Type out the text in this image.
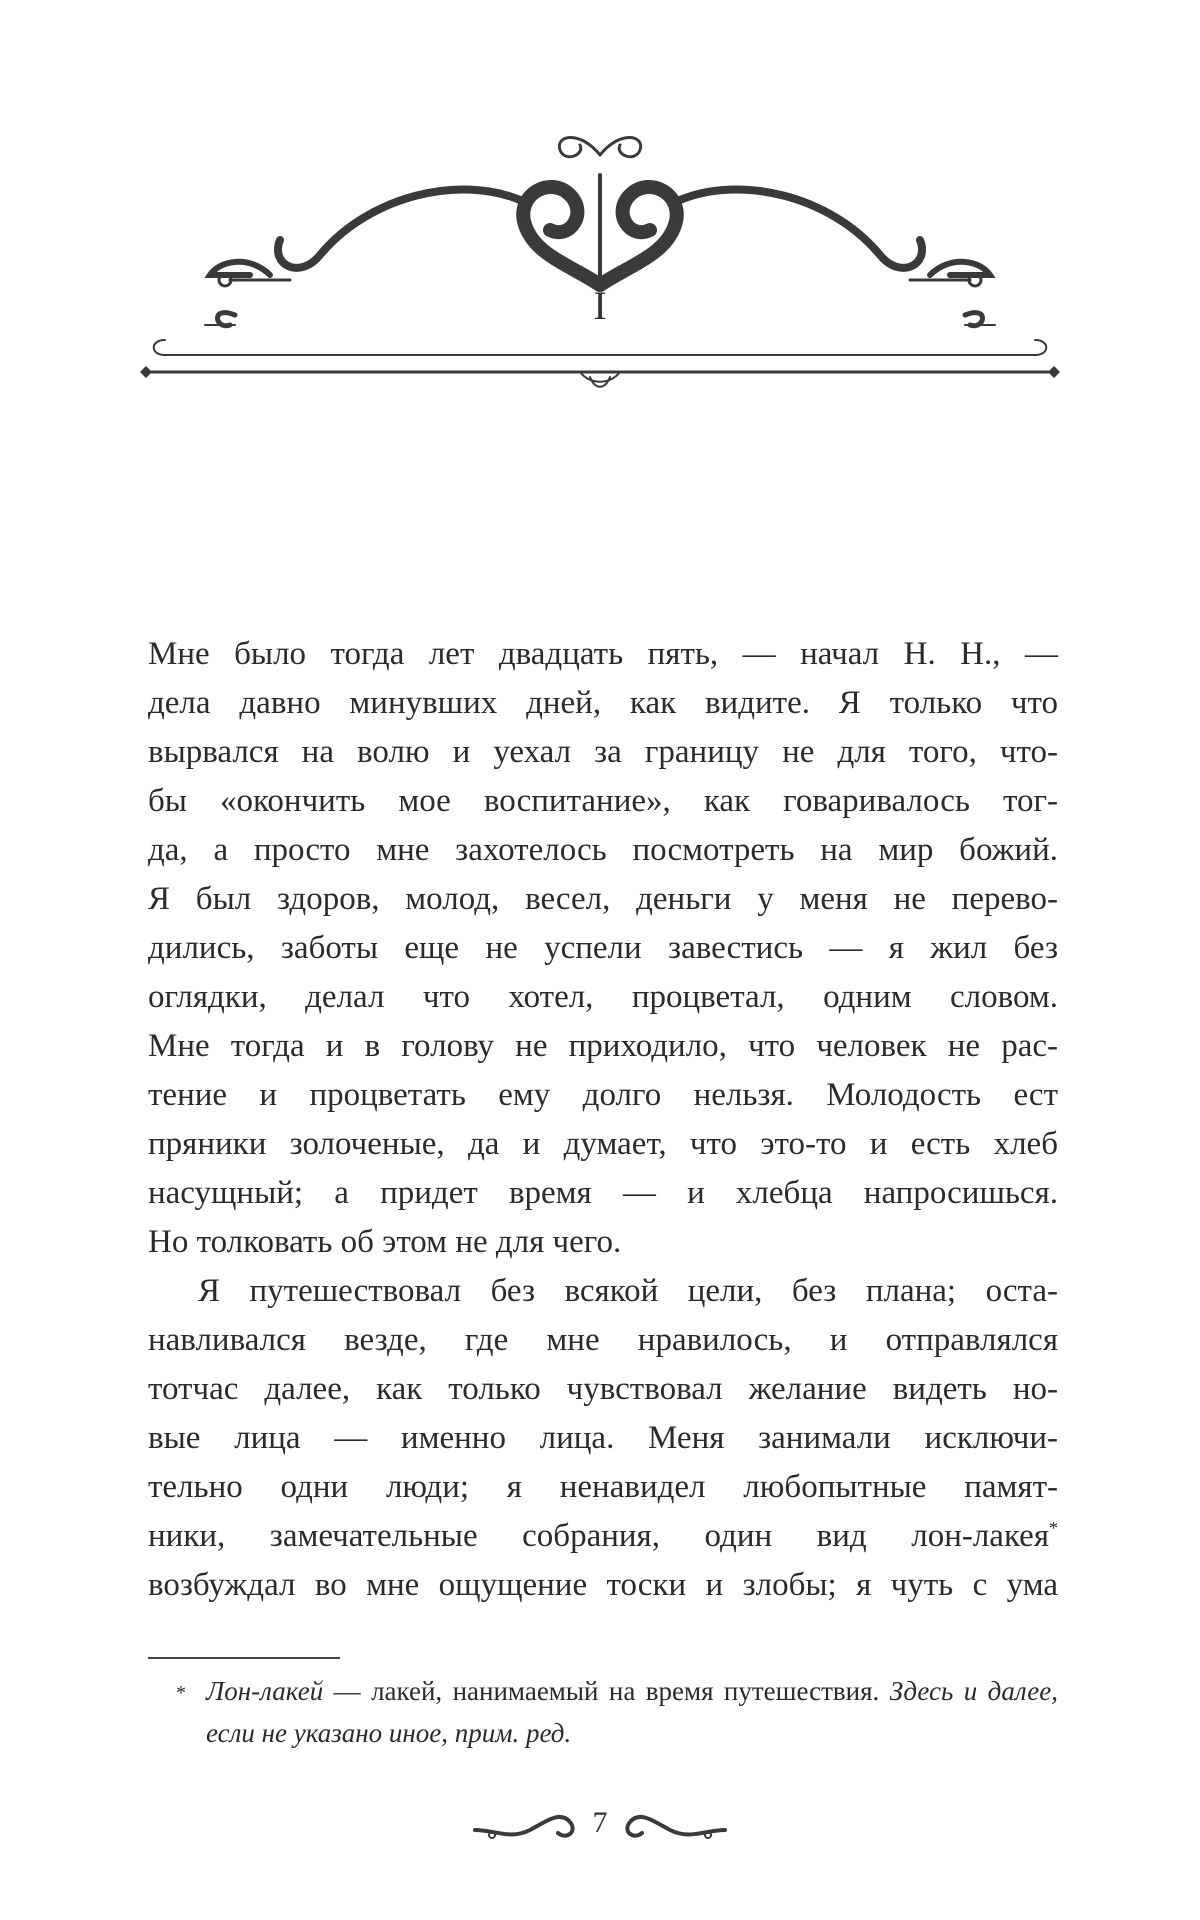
I

Мне было тогда лет двадцать пять, — начал Н. Н., —
дела давно минувших дней, как видите. Я только что
вырвался на волю и уехал за границу не для того, что-
бы «окончить мое воспитание», как говаривалось тог-
да, а просто мне захотелось посмотреть на мир божий.
Я был здоров, молод, весел, деньги у меня не перево-
дились, заботы еще не успели завестись — я жил без
оглядки, делал что хотел, процветал, одним словом.
Мне тогда и в голову не приходило, что человек не рас-
тение и процветать ему долго нельзя. Молодость ест
пряники золоченые, да и думает, что это-то и есть хлеб
насущный; а придет время — и хлебца напросишься.
Но толковать об этом не для чего.

Я путешествовал без всякой цели, без плана; оста-
навливался везде, где мне нравилось, и отправлялся
тотчас далее, как только чувствовал желание видеть но-
вые лица — именно лица. Меня занимали исключи-
тельно одни люди; я ненавидел любопытные памят-
ники, замечательные собрания, один вид лон-лакея*
возбуждал во мне ощущение тоски и злобы; я чуть с ума

* Лон-лакей — лакей, нанимаемый на время путешествия. Здесь и далее, если не указано иное, прим. ред.
7
